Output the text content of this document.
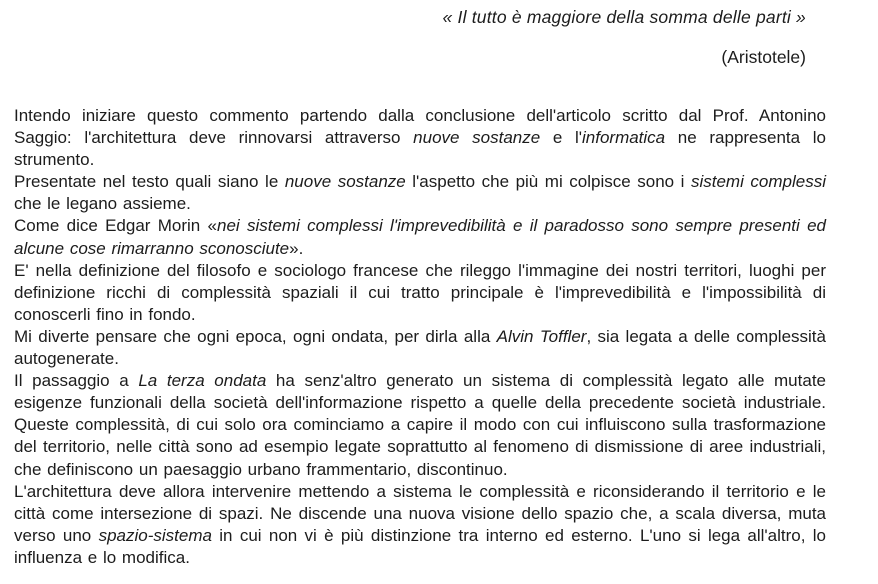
« Il tutto è maggiore della somma delle parti »
(Aristotele)

Intendo iniziare questo commento partendo dalla conclusione dell'articolo scritto dal Prof. Antonino Saggio: l'architettura deve rinnovarsi attraverso nuove sostanze e l'informatica ne rappresenta lo strumento.

Presentate nel testo quali siano le nuove sostanze l'aspetto che più mi colpisce sono i sistemi complessi che le legano assieme.

Come dice Edgar Morin «nei sistemi complessi l'imprevedibilità e il paradosso sono sempre presenti ed alcune cose rimarranno sconosciute».

E' nella definizione del filosofo e sociologo francese che rileggo l'immagine dei nostri territori, luoghi per definizione ricchi di complessità spaziali il cui tratto principale è l'imprevedibilità e l'impossibilità di conoscerli fino in fondo.

Mi diverte pensare che ogni epoca, ogni ondata, per dirla alla Alvin Toffler, sia legata a delle complessità autogenerate.

Il passaggio a La terza ondata ha senz'altro generato un sistema di complessità legato alle mutate esigenze funzionali della società dell'informazione rispetto a quelle della precedente società industriale. Queste complessità, di cui solo ora cominciamo a capire il modo con cui influiscono sulla trasformazione del territorio, nelle città sono ad esempio legate soprattutto al fenomeno di dismissione di aree industriali, che definiscono un paesaggio urbano frammentario, discontinuo.

L'architettura deve allora intervenire mettendo a sistema le complessità e riconsiderando il territorio e le città come intersezione di spazi. Ne discende una nuova visione dello spazio che, a scala diversa, muta verso uno spazio-sistema in cui non vi è più distinzione tra interno ed esterno. L'uno si lega all'altro, lo influenza e lo modifica.
